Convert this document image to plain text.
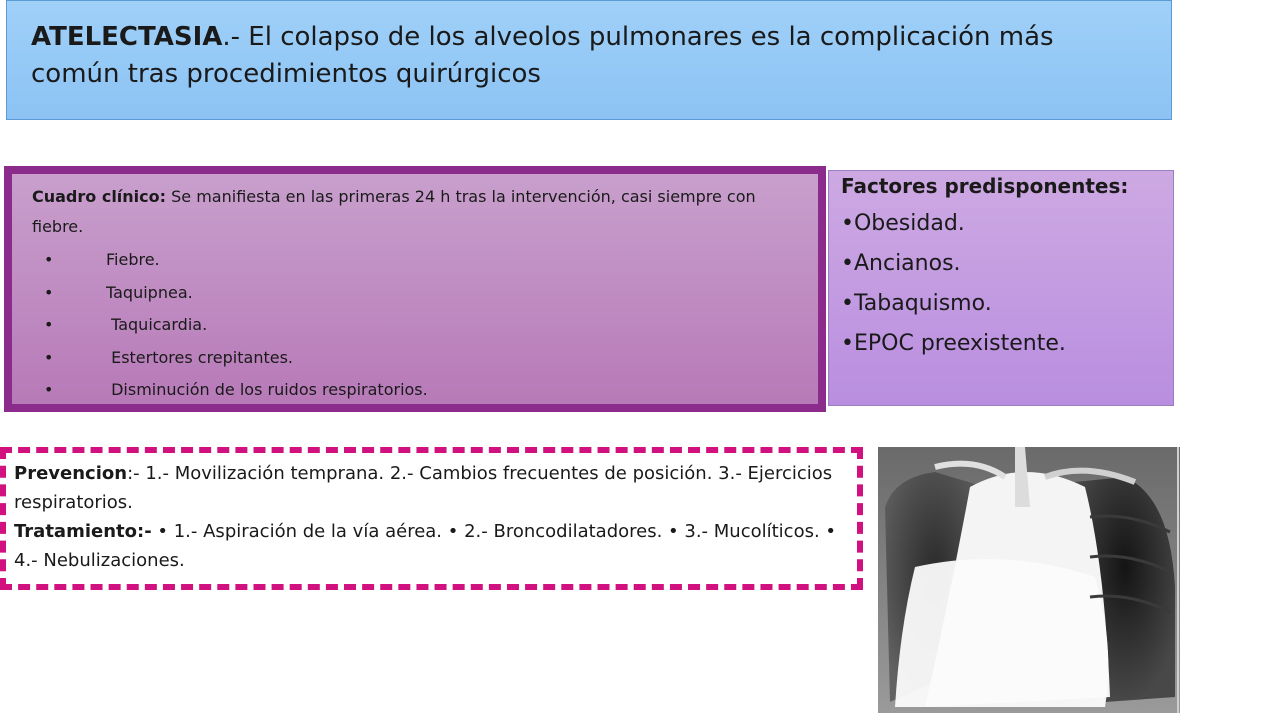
ATELECTASIA.- El colapso de los alveolos pulmonares es la complicación más común tras procedimientos quirúrgicos
Cuadro clínico: Se manifiesta en las primeras 24 h tras la intervención, casi siempre con fiebre.
•	Fiebre.
•	Taquipnea.
•	Taquicardia.
•	Estertores crepitantes.
•	Disminución de los ruidos respiratorios.
Factores predisponentes:
•Obesidad.
•Ancianos.
•Tabaquismo.
•EPOC preexistente.
Prevencion:- 1.- Movilización temprana. 2.- Cambios frecuentes de posición. 3.- Ejercicios respiratorios.
Tratamiento:- • 1.- Aspiración de la vía aérea. • 2.- Broncodilatadores. • 3.- Mucolíticos. • 4.- Nebulizaciones.
